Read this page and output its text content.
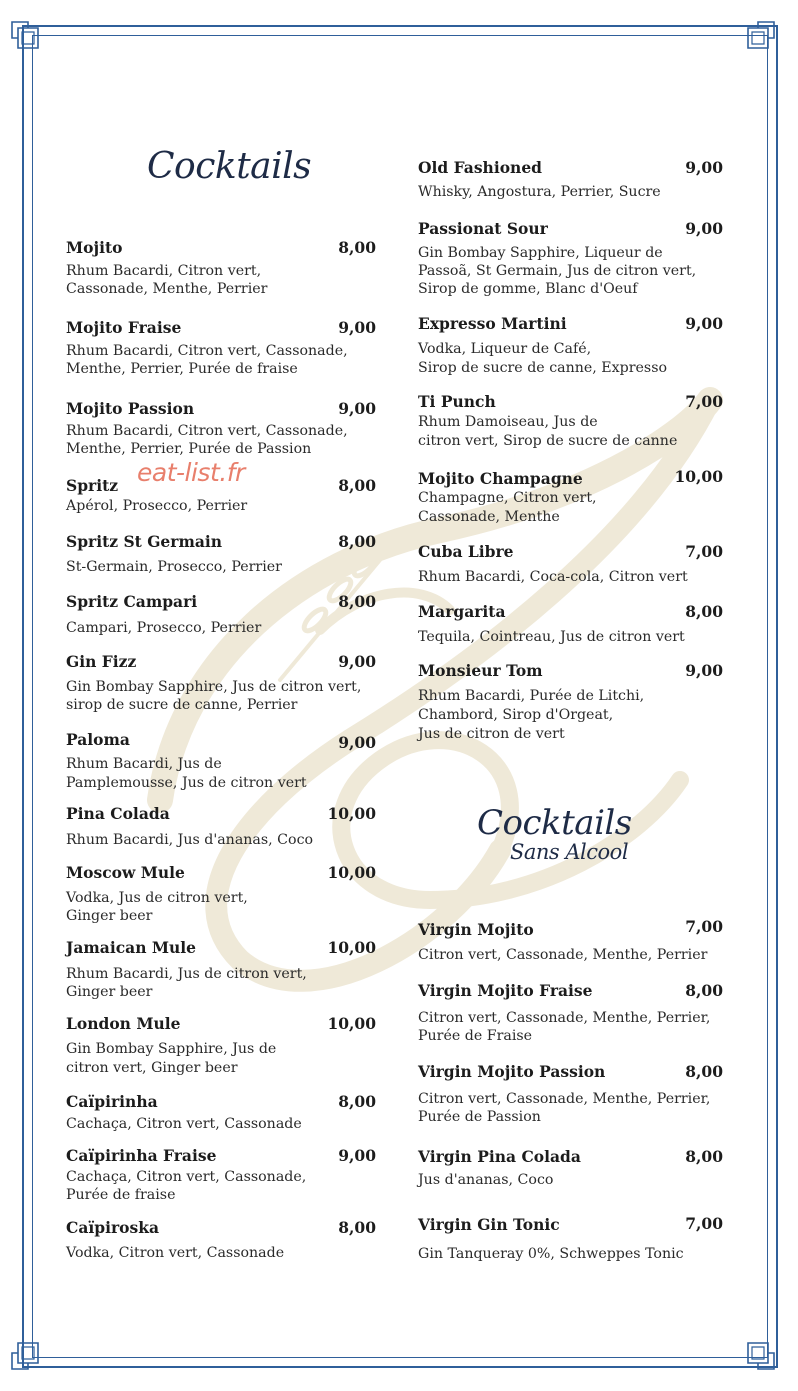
eat-list.fr
Cocktails
Cocktails
Sans Alcool
Mojito	8,00
Rhum Bacardi, Citron vert,
Cassonade, Menthe, Perrier
Mojito Fraise	9,00
Rhum Bacardi, Citron vert, Cassonade,
Menthe, Perrier, Purée de fraise
Mojito Passion	9,00
Rhum Bacardi, Citron vert, Cassonade,
Menthe, Perrier, Purée de Passion
Spritz	8,00
Apérol, Prosecco, Perrier
Spritz St Germain	8,00
St-Germain, Prosecco, Perrier
Spritz Campari	8,00
Campari, Prosecco, Perrier
Gin Fizz	9,00
Gin Bombay Sapphire, Jus de citron vert,
sirop de sucre de canne, Perrier
Paloma	9,00
Rhum Bacardi, Jus de
Pamplemousse, Jus de citron vert
Pina Colada	10,00
Rhum Bacardi, Jus d'ananas, Coco
Moscow Mule	10,00
Vodka, Jus de citron vert,
Ginger beer
Jamaican Mule	10,00
Rhum Bacardi, Jus de citron vert,
Ginger beer
London Mule	10,00
Gin Bombay Sapphire, Jus de
citron vert, Ginger beer
Caïpirinha	8,00
Cachaça, Citron vert, Cassonade
Caïpirinha Fraise	9,00
Cachaça, Citron vert, Cassonade,
Purée de fraise
Caïpiroska	8,00
Vodka, Citron vert, Cassonade
Old Fashioned	9,00
Whisky, Angostura, Perrier, Sucre
Passionat Sour	9,00
Gin Bombay Sapphire, Liqueur de
Passoã, St Germain, Jus de citron vert,
Sirop de gomme, Blanc d'Oeuf
Expresso Martini	9,00
Vodka, Liqueur de Café,
Sirop de sucre de canne, Expresso
Ti Punch	7,00
Rhum Damoiseau, Jus de
citron vert, Sirop de sucre de canne
Mojito Champagne	10,00
Champagne, Citron vert,
Cassonade, Menthe
Cuba Libre	7,00
Rhum Bacardi, Coca-cola, Citron vert
Margarita	8,00
Tequila, Cointreau, Jus de citron vert
Monsieur Tom	9,00
Rhum Bacardi, Purée de Litchi,
Chambord, Sirop d'Orgeat,
Jus de citron de vert
Virgin Mojito	7,00
Citron vert, Cassonade, Menthe, Perrier
Virgin Mojito Fraise	8,00
Citron vert, Cassonade, Menthe, Perrier,
Purée de Fraise
Virgin Mojito Passion	8,00
Citron vert, Cassonade, Menthe, Perrier,
Purée de Passion
Virgin Pina Colada	8,00
Jus d'ananas, Coco
Virgin Gin Tonic	7,00
Gin Tanqueray 0%, Schweppes Tonic
